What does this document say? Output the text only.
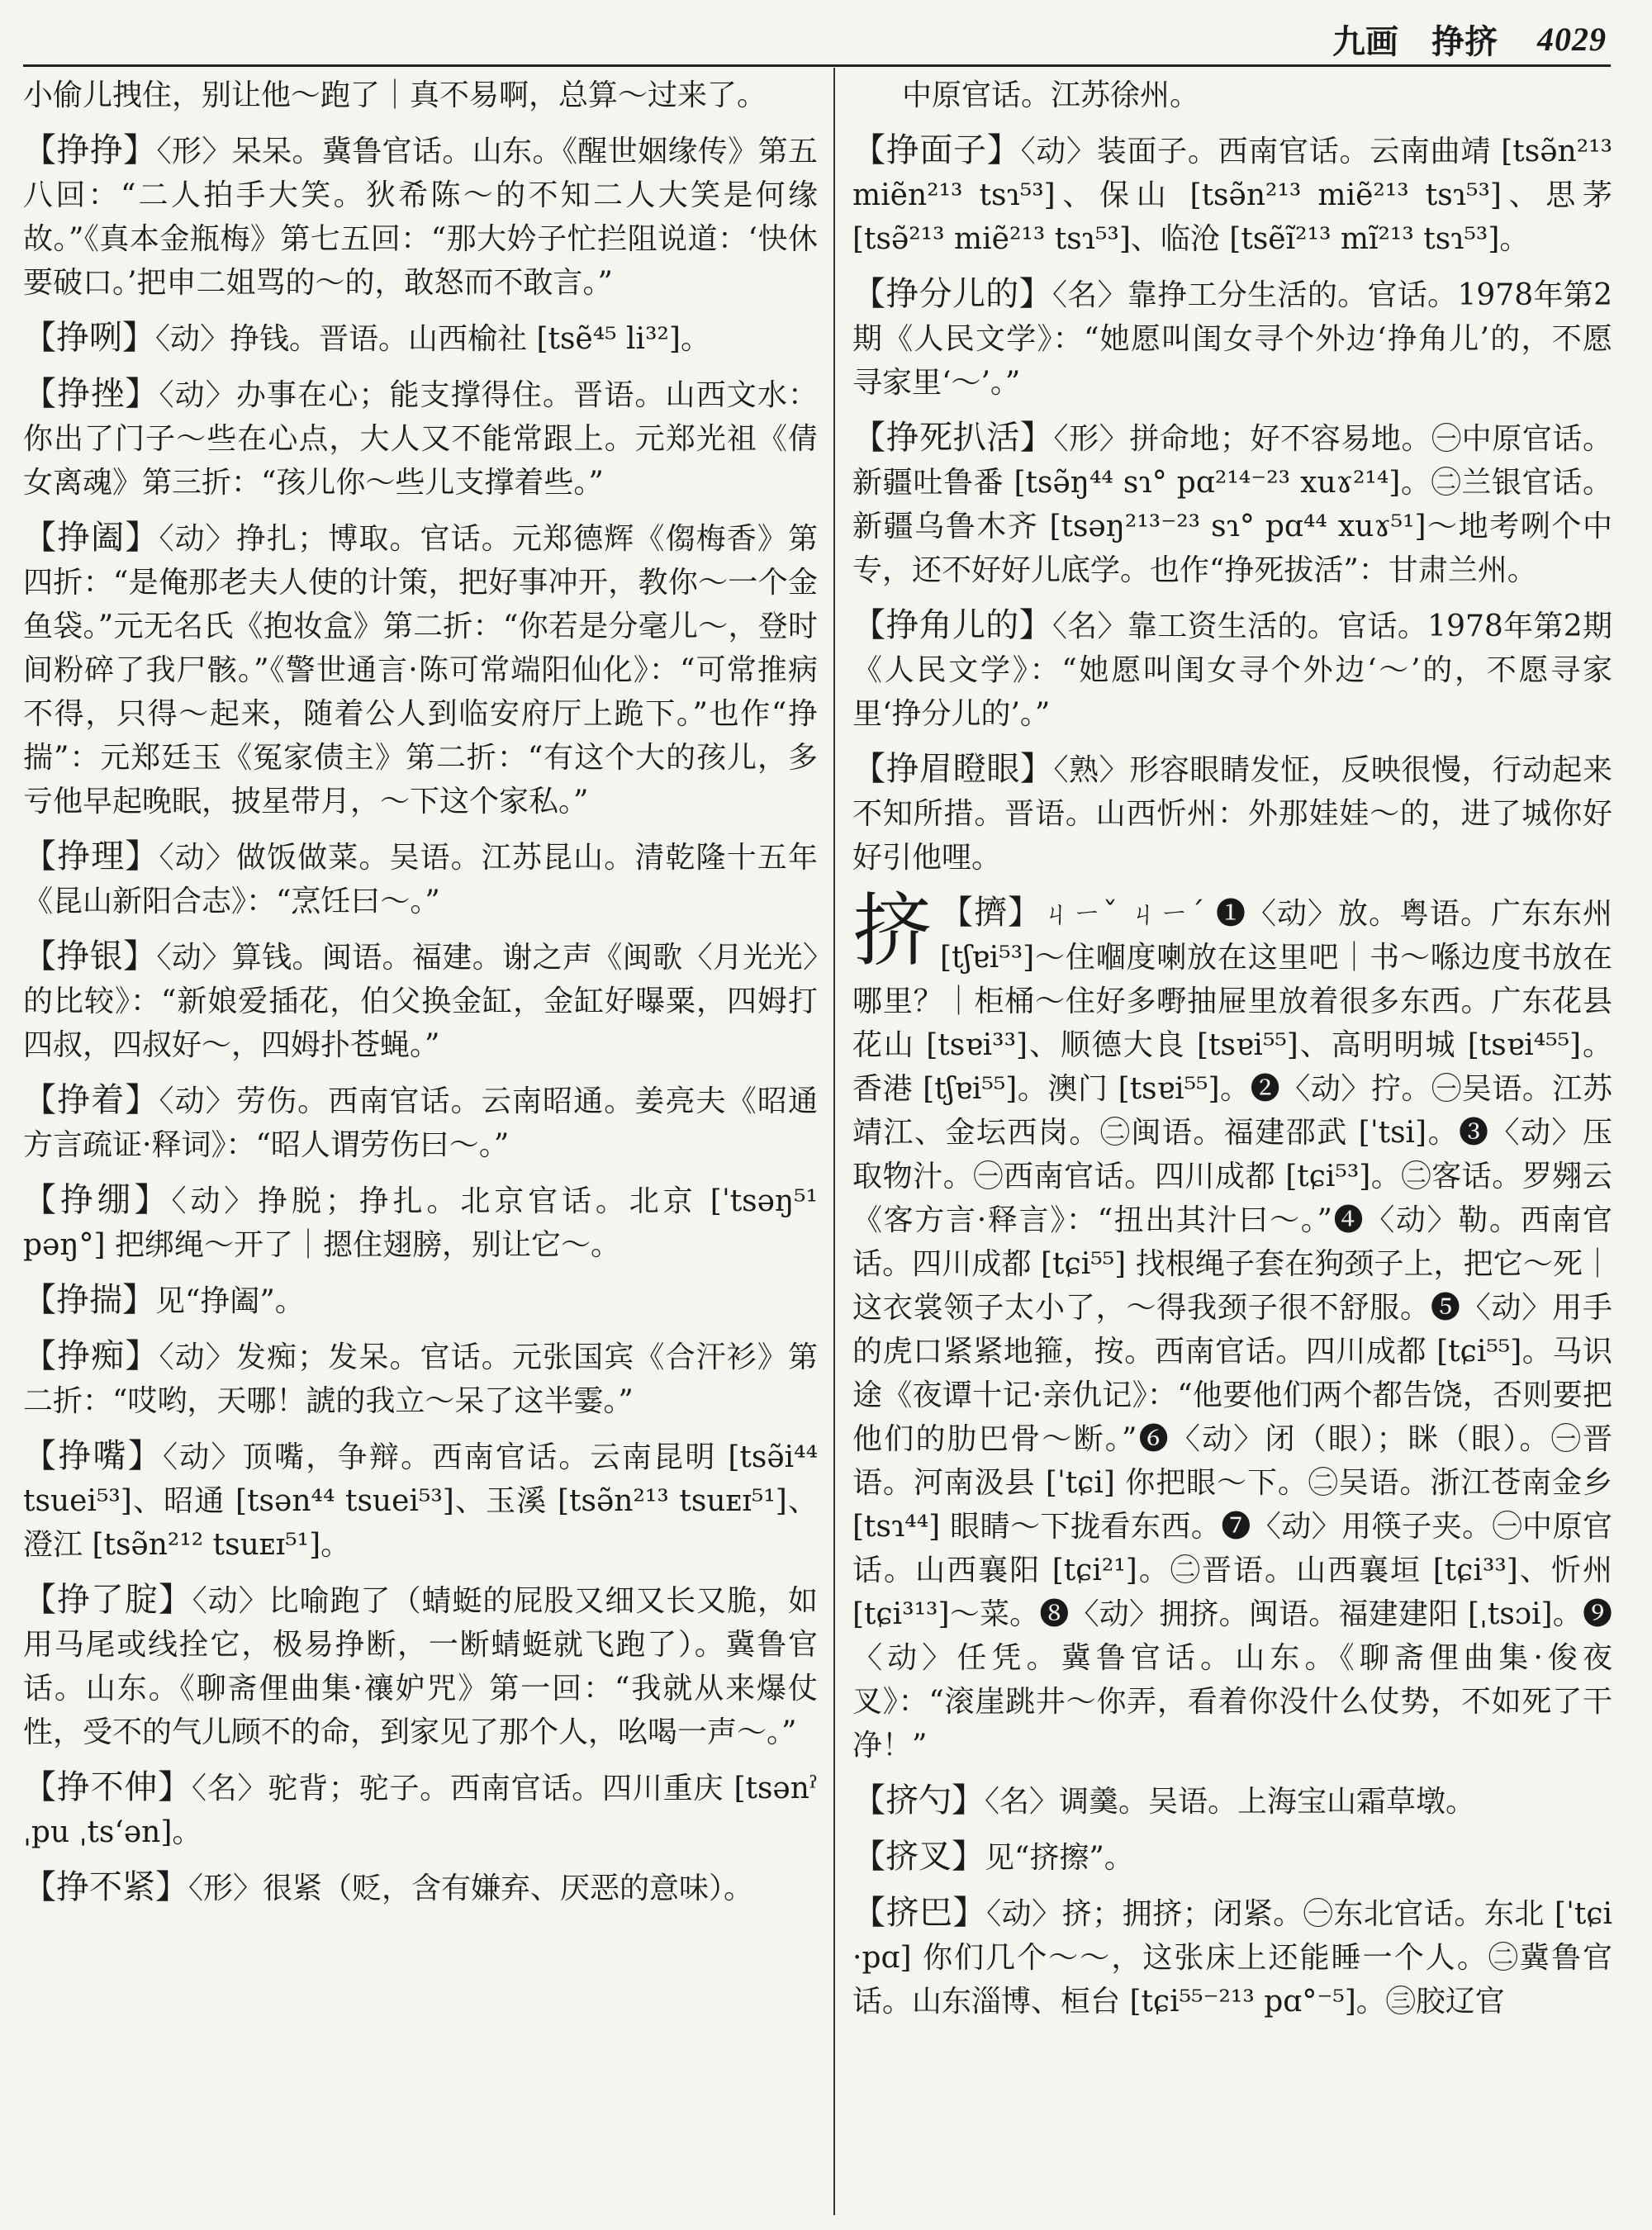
九画 挣挤 4029

小偷儿拽住，别让他～跑了｜真不易啊，总算～过来了。

【挣挣】〈形〉呆呆。冀鲁官话。山东。《醒世姻缘传》第五八回：“二人拍手大笑。狄希陈～的不知二人大笑是何缘故。”《真本金瓶梅》第七五回：“那大妗子忙拦阻说道：‘快休要破口。’把申二姐骂的～的，敢怒而不敢言。”

【挣咧】〈动〉挣钱。晋语。山西榆社 [tsẽ⁴⁵ li³²]。

【挣挫】〈动〉办事在心；能支撑得住。晋语。山西文水：你出了门子～些在心点，大人又不能常跟上。元郑光祖《倩女离魂》第三折：“孩儿你～些儿支撑着些。”

【挣阖】〈动〉挣扎；博取。官话。元郑德辉《㑳梅香》第四折：“是俺那老夫人使的计策，把好事冲开，教你～一个金鱼袋。”元无名氏《抱妆盒》第二折：“你若是分毫儿～，登时间粉碎了我尸骸。”《警世通言·陈可常端阳仙化》：“可常推病不得，只得～起来，随着公人到临安府厅上跪下。”也作“挣揣”：元郑廷玉《冤家债主》第二折：“有这个大的孩儿，多亏他早起晚眠，披星带月，～下这个家私。”

【挣理】〈动〉做饭做菜。吴语。江苏昆山。清乾隆十五年《昆山新阳合志》：“烹饪曰～。”

【挣银】〈动〉算钱。闽语。福建。谢之声《闽歌〈月光光〉的比较》：“新娘爱插花，伯父换金缸，金缸好曝粟，四姆打四叔，四叔好～，四姆扑苍蝇。”

【挣着】〈动〉劳伤。西南官话。云南昭通。姜亮夫《昭通方言疏证·释词》：“昭人谓劳伤曰～。”

【挣绷】〈动〉挣脱；挣扎。北京官话。北京 [ˈtsəŋ⁵¹ pəŋ°] 把绑绳～开了｜摁住翅膀，别让它～。

【挣揣】见“挣阖”。

【挣痴】〈动〉发痴；发呆。官话。元张国宾《合汗衫》第二折：“哎哟，天哪！諕的我立～呆了这半霎。”

【挣嘴】〈动〉顶嘴，争辩。西南官话。云南昆明 [tsə̃i⁴⁴ tsuei⁵³]、昭通 [tsən⁴⁴ tsuei⁵³]、玉溪 [tsə̃n²¹³ tsuᴇɪ⁵¹]、澄江 [tsə̃n²¹² tsuᴇɪ⁵¹]。

【挣了腚】〈动〉比喻跑了（蜻蜓的屁股又细又长又脆，如用马尾或线拴它，极易挣断，一断蜻蜓就飞跑了）。冀鲁官话。山东。《聊斋俚曲集·禳妒咒》第一回：“我就从来爆仗性，受不的气儿顾不的命，到家见了那个人，吆喝一声～。”

【挣不伸】〈名〉驼背；驼子。西南官话。四川重庆 [tsənˀ ˌpu ˌtsʻən]。

【挣不紧】〈形〉很紧（贬，含有嫌弃、厌恶的意味）。

中原官话。江苏徐州。

【挣面子】〈动〉装面子。西南官话。云南曲靖 [tsə̃n²¹³ miẽn²¹³ tsɿ⁵³]、保山 [tsə̃n²¹³ miẽ²¹³ tsɿ⁵³]、思茅 [tsə̃²¹³ miẽ²¹³ tsɿ⁵³]、临沧 [tsẽĩ²¹³ mĩ²¹³ tsɿ⁵³]。

【挣分儿的】〈名〉靠挣工分生活的。官话。1978年第2期《人民文学》：“她愿叫闺女寻个外边‘挣角儿’的，不愿寻家里‘～’。”

【挣死扒活】〈形〉拼命地；好不容易地。㊀中原官话。新疆吐鲁番 [tsə̃ŋ⁴⁴ sɿ° pɑ²¹⁴⁻²³ xuɤ²¹⁴]。㊁兰银官话。新疆乌鲁木齐 [tsəŋ²¹³⁻²³ sɿ° pɑ⁴⁴ xuɤ⁵¹]～地考咧个中专，还不好好儿底学。也作“挣死拔活”：甘肃兰州。

【挣角儿的】〈名〉靠工资生活的。官话。1978年第2期《人民文学》：“她愿叫闺女寻个外边‘～’的，不愿寻家里‘挣分儿的’。”

【挣眉瞪眼】〈熟〉形容眼睛发怔，反映很慢，行动起来不知所措。晋语。山西忻州：外那娃娃～的，进了城你好好引他哩。

挤 【擠】ㄐㄧˇ ㄐㄧˊ ❶〈动〉放。粤语。广东东州 [tʃɐi⁵³]～住嗰度喇放在这里吧｜书～喺边度书放在哪里？｜柜桶～住好多嘢抽屉里放着很多东西。广东花县花山 [tsɐi³³]、顺德大良 [tsɐi⁵⁵]、高明明城 [tsɐi⁴⁵⁵]。香港 [tʃɐi⁵⁵]。澳门 [tsɐi⁵⁵]。❷〈动〉拧。㊀吴语。江苏靖江、金坛西岗。㊁闽语。福建邵武 [ˈtsi]。❸〈动〉压取物汁。㊀西南官话。四川成都 [tɕi⁵³]。㊁客话。罗翙云《客方言·释言》：“扭出其汁曰～。”❹〈动〉勒。西南官话。四川成都 [tɕi⁵⁵] 找根绳子套在狗颈子上，把它～死｜这衣裳领子太小了，～得我颈子很不舒服。❺〈动〉用手的虎口紧紧地箍，按。西南官话。四川成都 [tɕi⁵⁵]。马识途《夜谭十记·亲仇记》：“他要他们两个都告饶，否则要把他们的肋巴骨～断。”❻〈动〉闭（眼）；眯（眼）。㊀晋语。河南汲县 [ˈtɕi] 你把眼～下。㊁吴语。浙江苍南金乡 [tsɿ⁴⁴] 眼睛～下拢看东西。❼〈动〉用筷子夹。㊀中原官话。山西襄阳 [tɕi²¹]。㊁晋语。山西襄垣 [tɕi³³]、忻州 [tɕi³¹³]～菜。❽〈动〉拥挤。闽语。福建建阳 [ˌtsɔi]。❾〈动〉任凭。冀鲁官话。山东。《聊斋俚曲集·俊夜叉》：“滚崖跳井～你弄，看着你没什么仗势，不如死了干净！”

【挤勺】〈名〉调羹。吴语。上海宝山霜草墩。

【挤叉】见“挤擦”。

【挤巴】〈动〉挤；拥挤；闭紧。㊀东北官话。东北 [ˈtɕi ·pɑ] 你们几个～～，这张床上还能睡一个人。㊁冀鲁官话。山东淄博、桓台 [tɕi⁵⁵⁻²¹³ pɑ°⁻⁵]。㊂胶辽官
